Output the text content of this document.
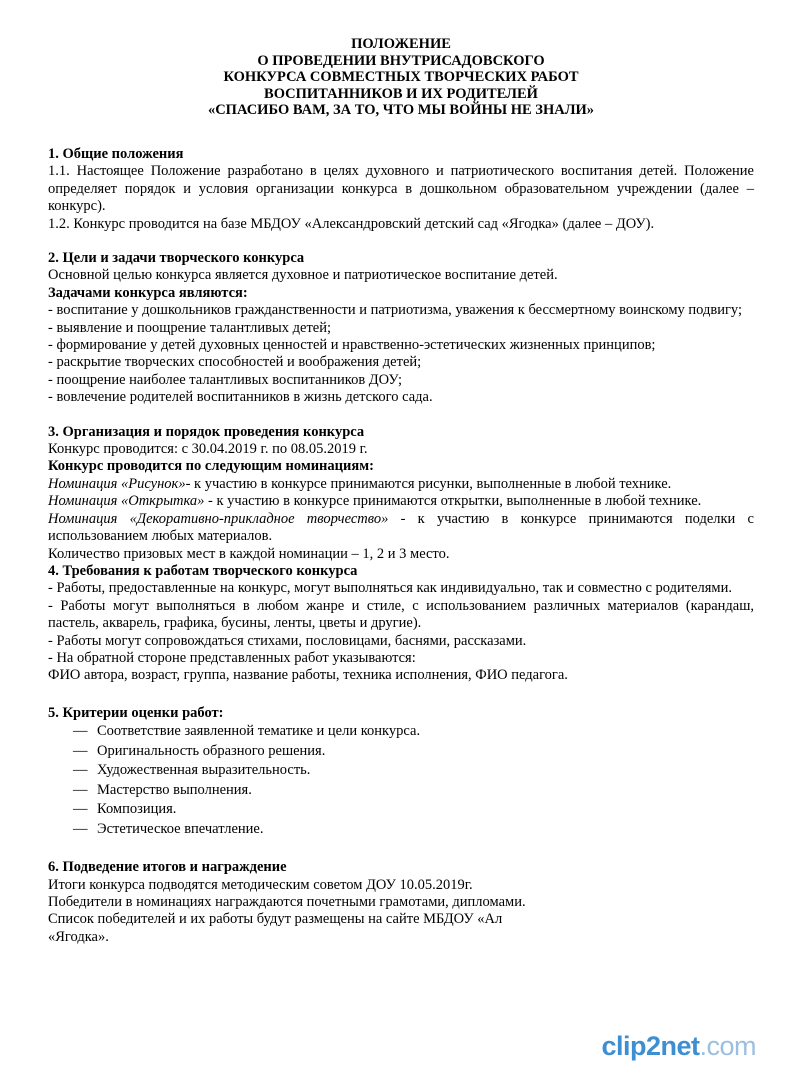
ПОЛОЖЕНИЕ
О ПРОВЕДЕНИИ ВНУТРИСАДОВСКОГО
КОНКУРСА СОВМЕСТНЫХ ТВОРЧЕСКИХ РАБОТ
ВОСПИТАННИКОВ И ИХ РОДИТЕЛЕЙ
«СПАСИБО ВАМ, ЗА ТО, ЧТО МЫ ВОЙНЫ НЕ ЗНАЛИ»
1. Общие положения

1.1. Настоящее Положение разработано в целях духовного и патриотического воспитания детей. Положение определяет порядок и условия организации конкурса в дошкольном образовательном учреждении (далее – конкурс).

1.2. Конкурс проводится на базе МБДОУ «Александровский детский сад «Ягодка» (далее – ДОУ).

2. Цели и задачи творческого конкурса

Основной целью конкурса является духовное и патриотическое воспитание детей.

Задачами конкурса являются:

- воспитание у дошкольников гражданственности и патриотизма, уважения к бессмертному воинскому подвигу;

- выявление и поощрение талантливых детей;

- формирование у детей духовных ценностей и нравственно-эстетических жизненных принципов;

- раскрытие творческих способностей и воображения детей;

- поощрение наиболее талантливых воспитанников ДОУ;

- вовлечение родителей воспитанников в жизнь детского сада.

3. Организация и порядок проведения конкурса

Конкурс проводится: с 30.04.2019 г. по 08.05.2019 г.

Конкурс проводится по следующим номинациям:

Номинация «Рисунок»- к участию в конкурсе принимаются рисунки, выполненные в любой технике.

Номинация «Открытка» - к участию в конкурсе принимаются открытки, выполненные в любой технике.

Номинация «Декоративно-прикладное творчество» - к участию в конкурсе принимаются поделки с использованием любых материалов.

Количество призовых мест в каждой номинации – 1, 2 и 3 место.

4. Требования к работам творческого конкурса

- Работы, предоставленные на конкурс, могут выполняться как индивидуально, так и совместно с родителями.

- Работы могут выполняться в любом жанре и стиле, с использованием различных материалов (карандаш, пастель, акварель, графика, бусины, ленты, цветы и другие).

- Работы могут сопровождаться стихами, пословицами, баснями, рассказами.

- На обратной стороне представленных работ указываются:

ФИО автора, возраст, группа, название работы, техника исполнения, ФИО педагога.

5. Критерии оценки работ:
— Соответствие заявленной тематике и цели конкурса.
— Оригинальность образного решения.
— Художественная выразительность.
— Мастерство выполнения.
— Композиция.
— Эстетическое впечатление.
6. Подведение итогов и награждение

Итоги конкурса подводятся методическим советом ДОУ 10.05.2019г.

Победители в номинациях награждаются почетными грамотами, дипломами.

Список победителей и их работы будут размещены на сайте МБДОУ «Ал

«Ягодка».

clip2net.com
